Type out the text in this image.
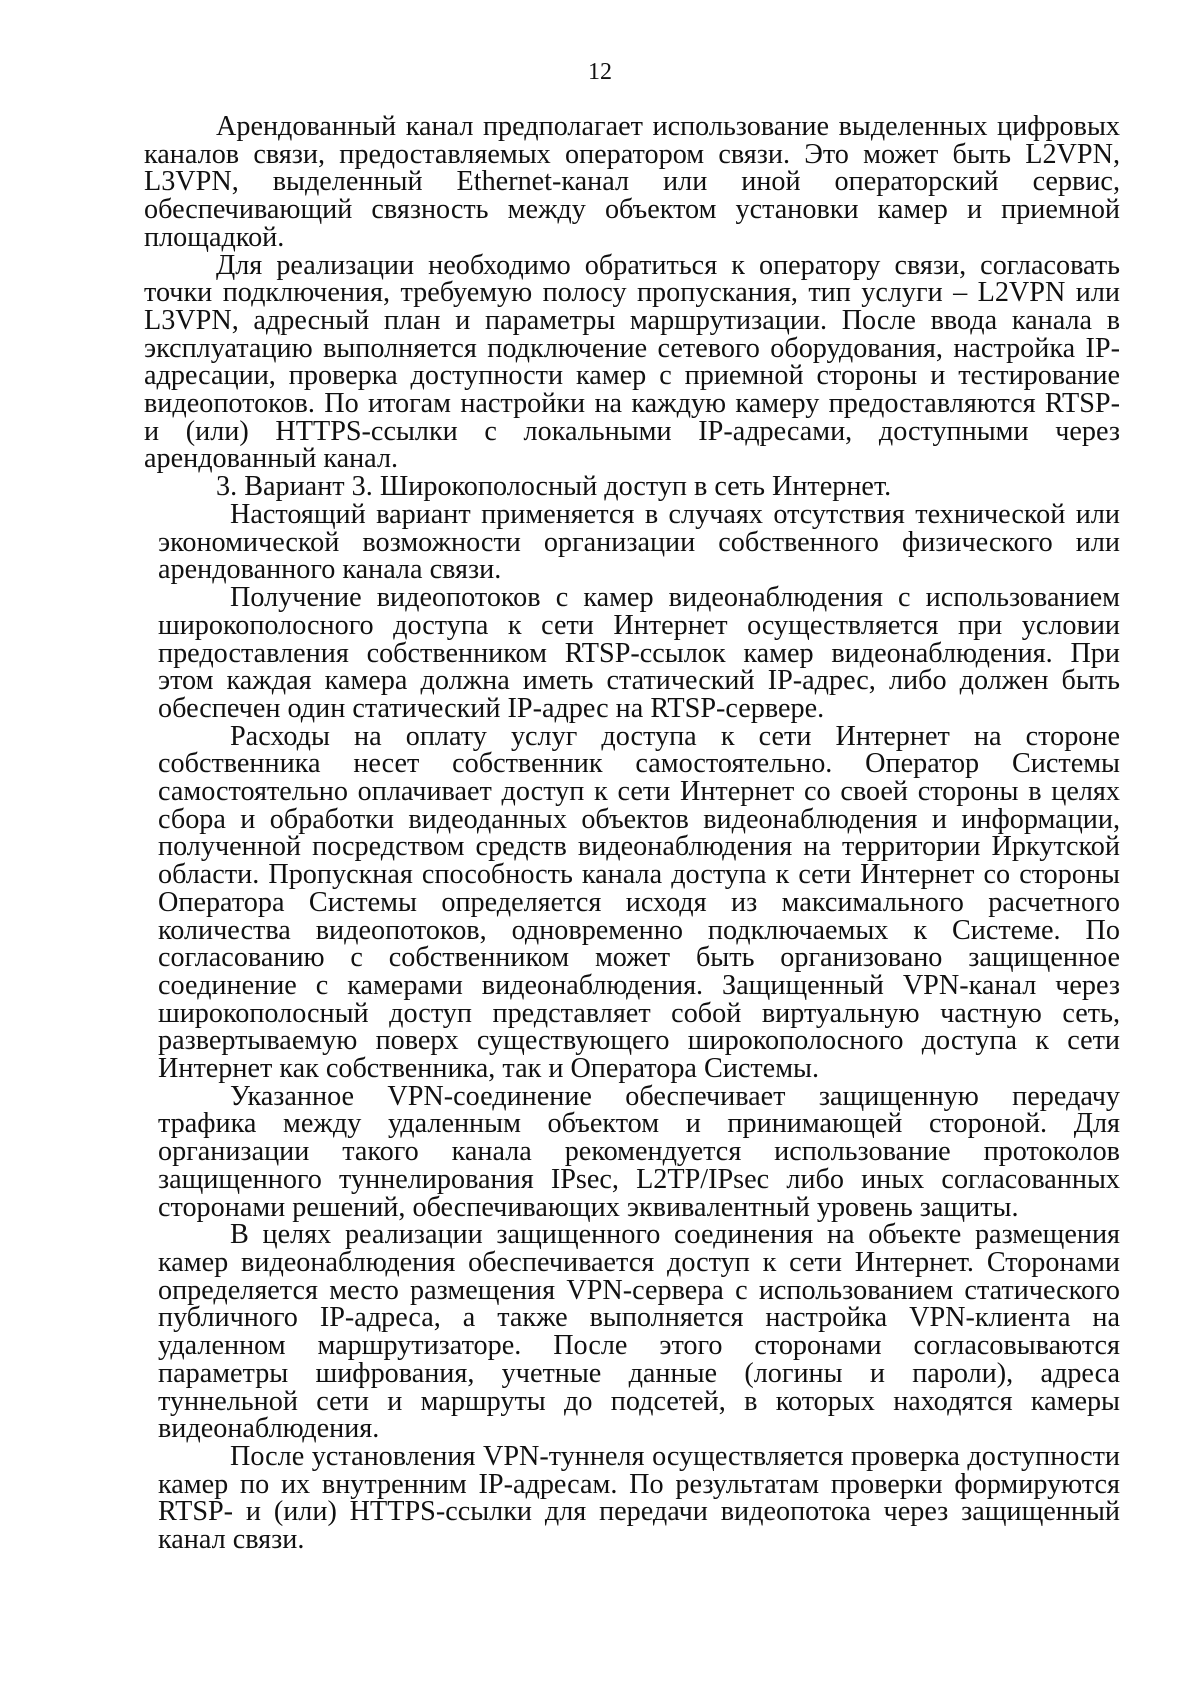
12

Арендованный канал предполагает использование выделенных цифровых каналов связи, предоставляемых оператором связи. Это может быть L2VPN, L3VPN, выделенный Ethernet-канал или иной операторский сервис, обеспечивающий связность между объектом установки камер и приемной площадкой.

Для реализации необходимо обратиться к оператору связи, согласовать точки подключения, требуемую полосу пропускания, тип услуги – L2VPN или L3VPN, адресный план и параметры маршрутизации. После ввода канала в эксплуатацию выполняется подключение сетевого оборудования, настройка IP-адресации, проверка доступности камер с приемной стороны и тестирование видеопотоков. По итогам настройки на каждую камеру предоставляются RTSP- и (или) HTTPS-ссылки с локальными IP-адресами, доступными через арендованный канал.

3. Вариант 3. Широкополосный доступ в сеть Интернет.

Настоящий вариант применяется в случаях отсутствия технической или экономической возможности организации собственного физического или арендованного канала связи.

Получение видеопотоков с камер видеонаблюдения с использованием широкополосного доступа к сети Интернет осуществляется при условии предоставления собственником RTSP-ссылок камер видеонаблюдения. При этом каждая камера должна иметь статический IP-адрес, либо должен быть обеспечен один статический IP-адрес на RTSP-сервере.

Расходы на оплату услуг доступа к сети Интернет на стороне собственника несет собственник самостоятельно. Оператор Системы самостоятельно оплачивает доступ к сети Интернет со своей стороны в целях сбора и обработки видеоданных объектов видеонаблюдения и информации, полученной посредством средств видеонаблюдения на территории Иркутской области. Пропускная способность канала доступа к сети Интернет со стороны Оператора Системы определяется исходя из максимального расчетного количества видеопотоков, одновременно подключаемых к Системе. По согласованию с собственником может быть организовано защищенное соединение с камерами видеонаблюдения. Защищенный VPN-канал через широкополосный доступ представляет собой виртуальную частную сеть, развертываемую поверх существующего широкополосного доступа к сети Интернет как собственника, так и Оператора Системы.

Указанное VPN-соединение обеспечивает защищенную передачу трафика между удаленным объектом и принимающей стороной. Для организации такого канала рекомендуется использование протоколов защищенного туннелирования IPsec, L2TP/IPsec либо иных согласованных сторонами решений, обеспечивающих эквивалентный уровень защиты.

В целях реализации защищенного соединения на объекте размещения камер видеонаблюдения обеспечивается доступ к сети Интернет. Сторонами определяется место размещения VPN-сервера с использованием статического публичного IP-адреса, а также выполняется настройка VPN-клиента на удаленном маршрутизаторе. После этого сторонами согласовываются параметры шифрования, учетные данные (логины и пароли), адреса туннельной сети и маршруты до подсетей, в которых находятся камеры видеонаблюдения.

После установления VPN-туннеля осуществляется проверка доступности камер по их внутренним IP-адресам. По результатам проверки формируются RTSP- и (или) HTTPS-ссылки для передачи видеопотока через защищенный канал связи.
